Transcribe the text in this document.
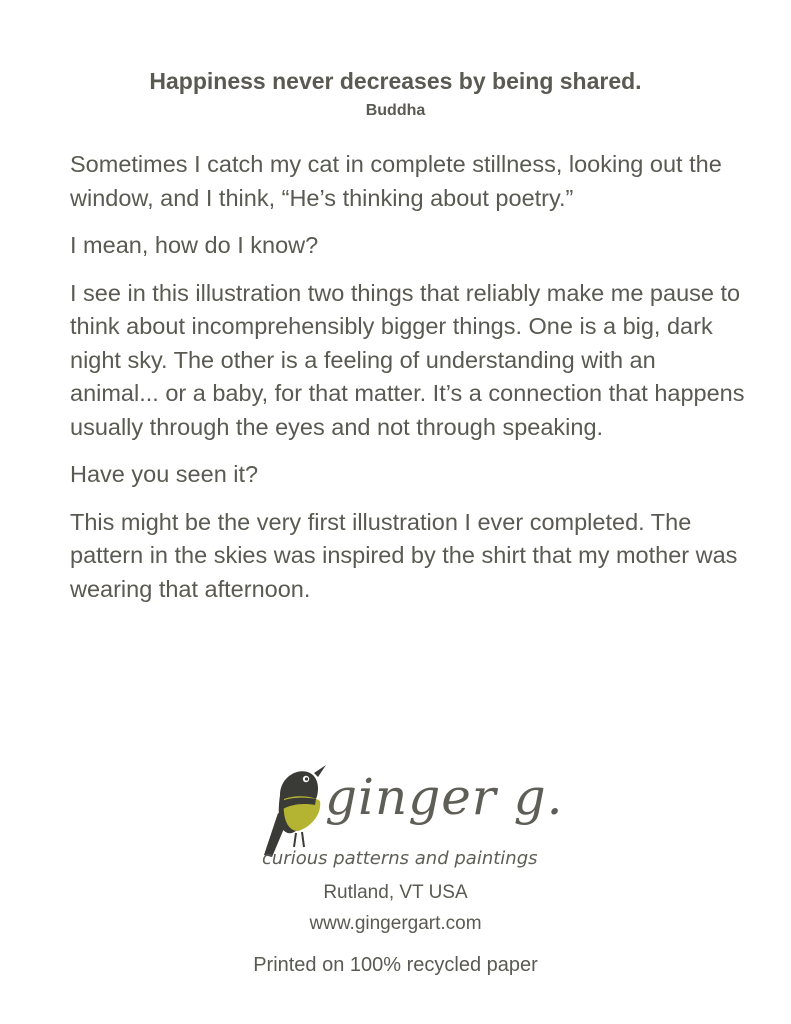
Happiness never decreases by being shared.
Buddha

Sometimes I catch my cat in complete stillness, looking out the window, and I think, “He’s thinking about poetry.”

I mean, how do I know?

I see in this illustration two things that reliably make me pause to think about incomprehensibly bigger things. One is a big, dark night sky. The other is a feeling of understanding with an animal... or a baby, for that matter. It’s a connection that happens usually through the eyes and not through speaking.

Have you seen it?

This might be the very first illustration I ever completed. The pattern in the skies was inspired by the shirt that my mother was wearing that afternoon.

ginger g.
curious patterns and paintings
Rutland, VT USA
www.gingergart.com
Printed on 100% recycled paper
